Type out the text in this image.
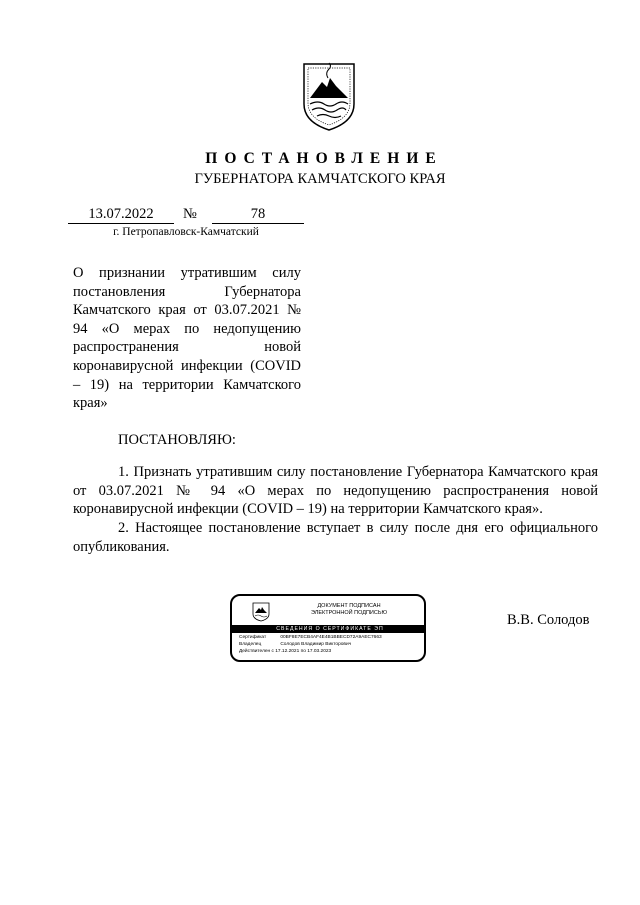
ПОСТАНОВЛЕНИЕ
ГУБЕРНАТОРА КАМЧАТСКОГО КРАЯ
13.07.2022	№	78
г. Петропавловск-Камчатский
О признании утратившим силу постановления Губернатора Камчатского края от 03.07.2021 № 94 «О мерах по недопущению распространения новой коронавирусной инфекции (COVID – 19) на территории Камчатского края»
ПОСТАНОВЛЯЮ:
1. Признать утратившим силу постановление Губернатора Камчатского края от 03.07.2021 № 94 «О мерах по недопущению распространения новой коронавирусной инфекции (COVID – 19) на территории Камчатского края».
2. Настоящее постановление вступает в силу после дня его официального опубликования.
ДОКУМЕНТ ПОДПИСАН
ЭЛЕКТРОННОЙ ПОДПИСЬЮ
СВЕДЕНИЯ О СЕРТИФИКАТЕ ЭП
Сертификат	00BF8E7ECB4AF4E4B1BBECD72A9AEC7663
Владелец	Солодов Владимир Викторович
Действителен с 17.12.2021 по 17.03.2023
В.В. Солодов
